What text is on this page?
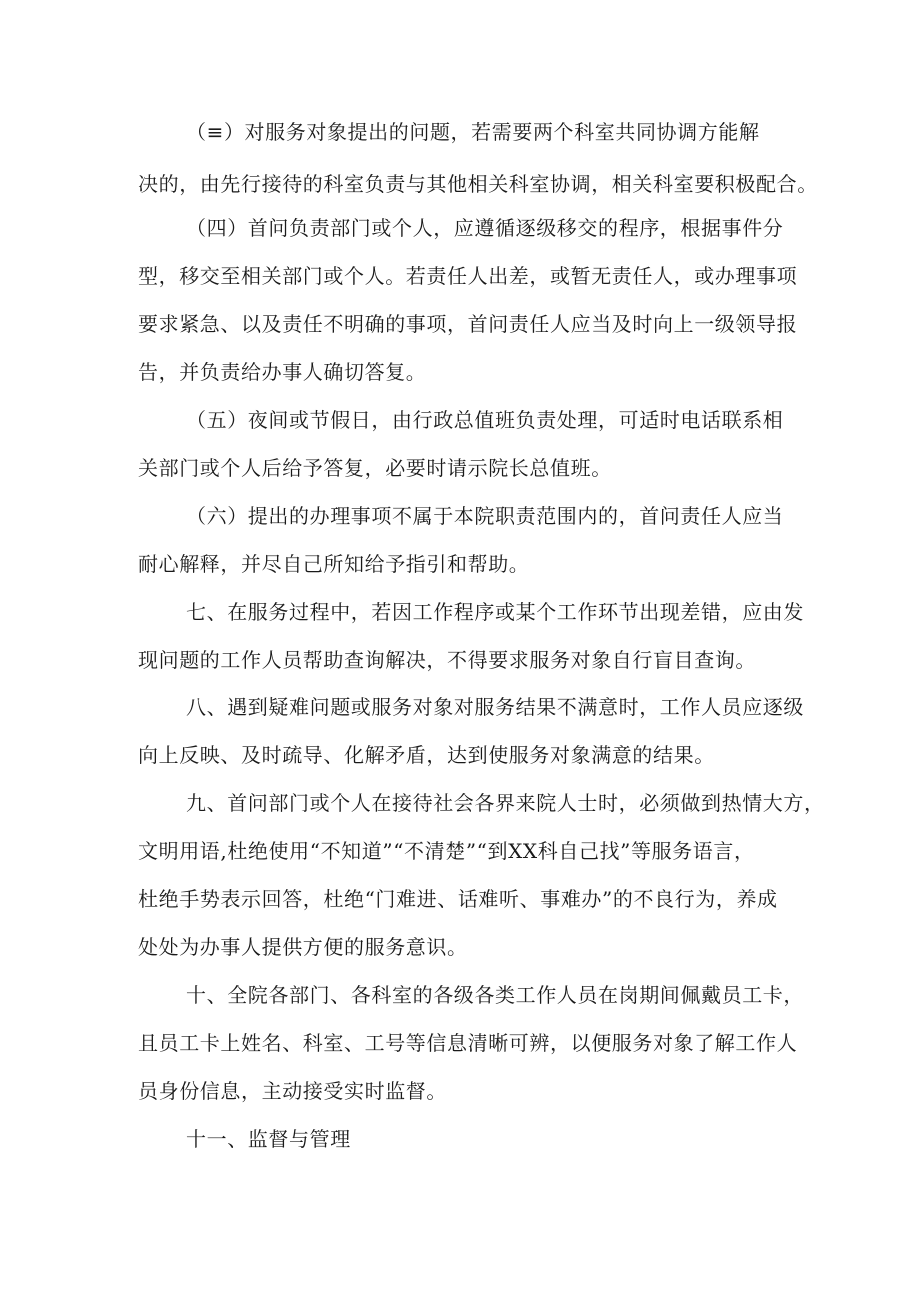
（≡）对服务对象提出的问题，若需要两个科室共同协调方能解
决的，由先行接待的科室负责与其他相关科室协调，相关科室要积极配合。
（四）首问负责部门或个人，应遵循逐级移交的程序，根据事件分
型，移交至相关部门或个人。若责任人出差，或暂无责任人，或办理事项
要求紧急、以及责任不明确的事项，首问责任人应当及时向上一级领导报
告，并负责给办事人确切答复。
（五）夜间或节假日，由行政总值班负责处理，可适时电话联系相
关部门或个人后给予答复，必要时请示院长总值班。
（六）提出的办理事项不属于本院职责范围内的，首问责任人应当
耐心解释，并尽自己所知给予指引和帮助。
七、在服务过程中，若因工作程序或某个工作环节出现差错，应由发
现问题的工作人员帮助查询解决，不得要求服务对象自行盲目查询。
八、遇到疑难问题或服务对象对服务结果不满意时，工作人员应逐级
向上反映、及时疏导、化解矛盾，达到使服务对象满意的结果。
九、首问部门或个人在接待社会各界来院人士时，必须做到热情大方，
文明用语,杜绝使用“不知道”“不清楚”“到XX科自己找”等服务语言，
杜绝手势表示回答，杜绝“门难进、话难听、事难办”的不良行为，养成
处处为办事人提供方便的服务意识。
十、全院各部门、各科室的各级各类工作人员在岗期间佩戴员工卡，
且员工卡上姓名、科室、工号等信息清晰可辨，以便服务对象了解工作人
员身份信息，主动接受实时监督。
十一、监督与管理
